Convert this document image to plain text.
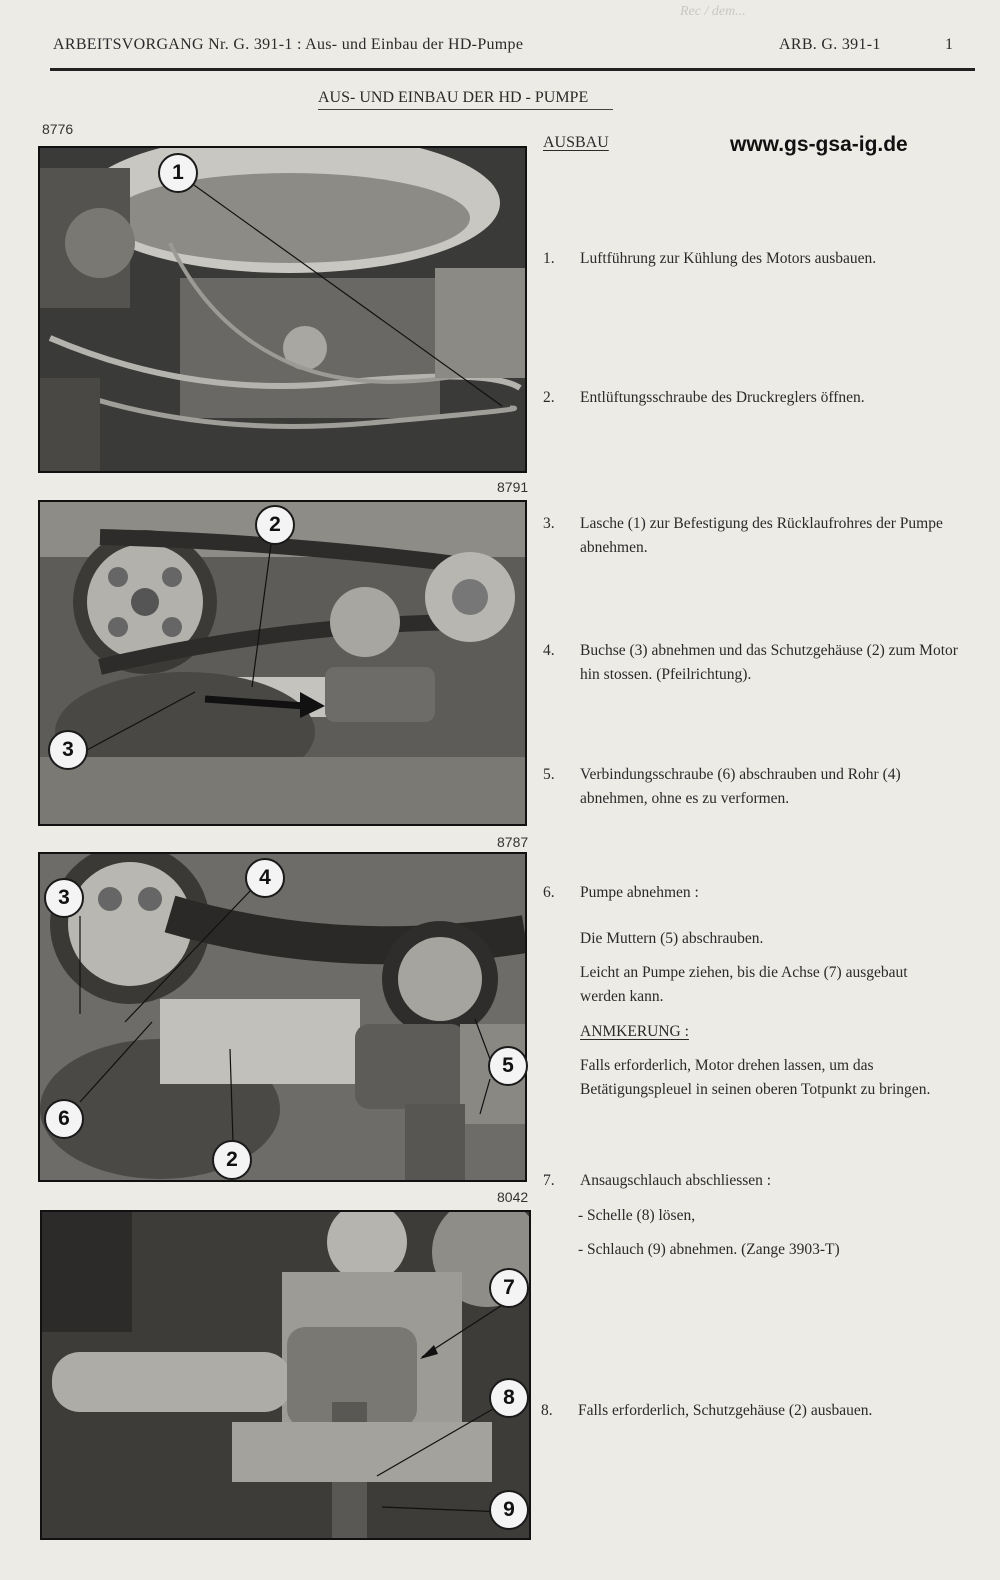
ARBEITSVORGANG Nr. G. 391-1 : Aus- und Einbau der HD-Pumpe	ARB. G. 391-1	1
Rec / dem...
AUS- UND EINBAU DER HD - PUMPE
www.gs-gsa-ig.de
8776
1
8791
2
3
8787
3
4
5
6
2
8042
7
8
9
AUSBAU
1. Luftführung zur Kühlung des Motors ausbauen.
2. Entlüftungsschraube des Druckreglers öffnen.
3. Lasche (1) zur Befestigung des Rücklaufrohres der Pumpe abnehmen.
4. Buchse (3) abnehmen und das Schutzgehäuse (2) zum Motor hin stossen. (Pfeilrichtung).
5. Verbindungsschraube (6) abschrauben und Rohr (4) abnehmen, ohne es zu verformen.
6. Pumpe abnehmen :
Die Muttern (5) abschrauben.
Leicht an Pumpe ziehen, bis die Achse (7) ausgebaut werden kann.
ANMKERUNG :
Falls erforderlich, Motor drehen lassen, um das Betätigungspleuel in seinen oberen Totpunkt zu bringen.
7. Ansaugschlauch abschliessen :
- Schelle (8) lösen,
- Schlauch (9) abnehmen. (Zange 3903-T)
8. Falls erforderlich, Schutzgehäuse (2) ausbauen.
